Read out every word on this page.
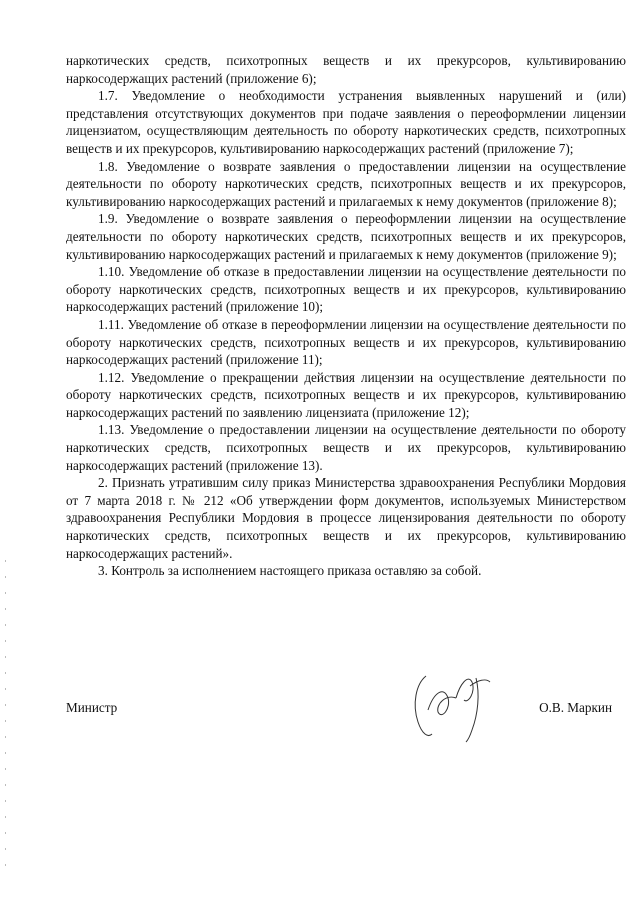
наркотических средств, психотропных веществ и их прекурсоров, культивированию наркосодержащих растений (приложение 6);

1.7. Уведомление о необходимости устранения выявленных нарушений и (или) представления отсутствующих документов при подаче заявления о переоформлении лицензии лицензиатом, осуществляющим деятельность по обороту наркотических средств, психотропных веществ и их прекурсоров, культивированию наркосодержащих растений (приложение 7);

1.8. Уведомление о возврате заявления о предоставлении лицензии на осуществление деятельности по обороту наркотических средств, психотропных веществ и их прекурсоров, культивированию наркосодержащих растений и прилагаемых к нему документов (приложение 8);

1.9. Уведомление о возврате заявления о переоформлении лицензии на осуществление деятельности по обороту наркотических средств, психотропных веществ и их прекурсоров, культивированию наркосодержащих растений и прилагаемых к нему документов (приложение 9);

1.10. Уведомление об отказе в предоставлении лицензии на осуществление деятельности по обороту наркотических средств, психотропных веществ и их прекурсоров, культивированию наркосодержащих растений (приложение 10);

1.11. Уведомление об отказе в переоформлении лицензии на осуществление деятельности по обороту наркотических средств, психотропных веществ и их прекурсоров, культивированию наркосодержащих растений (приложение 11);

1.12. Уведомление о прекращении действия лицензии на осуществление деятельности по обороту наркотических средств, психотропных веществ и их прекурсоров, культивированию наркосодержащих растений по заявлению лицензиата (приложение 12);

1.13. Уведомление о предоставлении лицензии на осуществление деятельности по обороту наркотических средств, психотропных веществ и их прекурсоров, культивированию наркосодержащих растений (приложение 13).

2. Признать утратившим силу приказ Министерства здравоохранения Республики Мордовия от 7 марта 2018 г. № 212 «Об утверждении форм документов, используемых Министерством здравоохранения Республики Мордовия в процессе лицензирования деятельности по обороту наркотических средств, психотропных веществ и их прекурсоров, культивированию наркосодержащих растений».

3. Контроль за исполнением настоящего приказа оставляю за собой.

Министр	О.В. Маркин
